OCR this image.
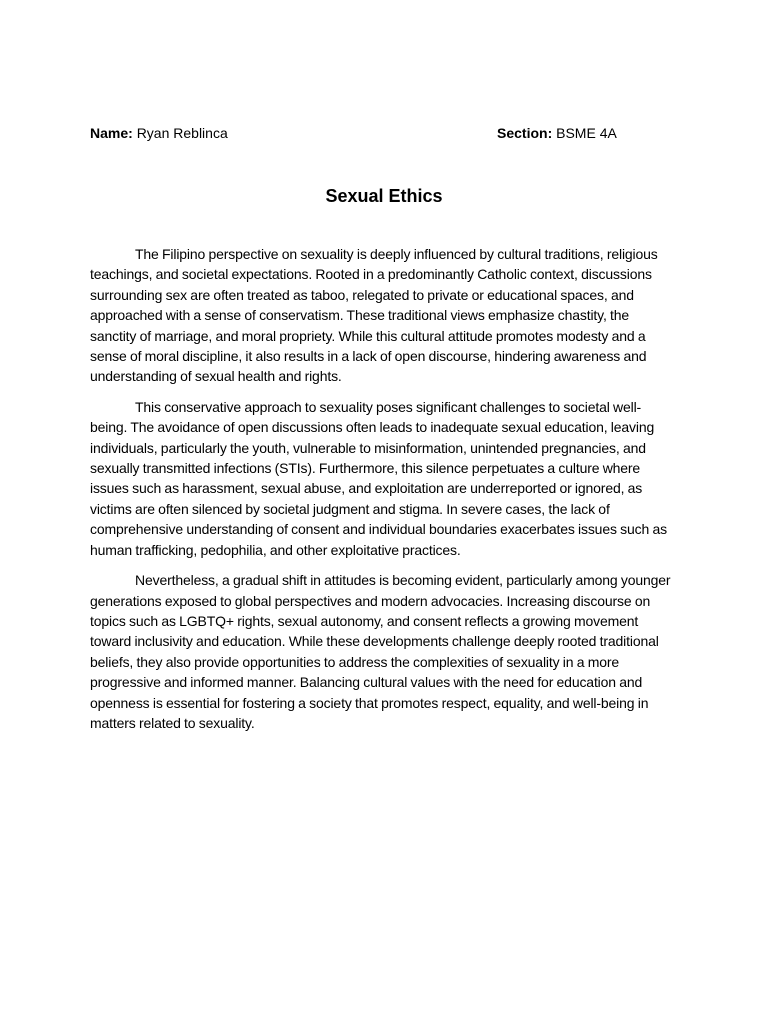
Name: Ryan Reblinca	Section: BSME 4A
Sexual Ethics

The Filipino perspective on sexuality is deeply influenced by cultural traditions, religious teachings, and societal expectations. Rooted in a predominantly Catholic context, discussions surrounding sex are often treated as taboo, relegated to private or educational spaces, and approached with a sense of conservatism. These traditional views emphasize chastity, the sanctity of marriage, and moral propriety. While this cultural attitude promotes modesty and a sense of moral discipline, it also results in a lack of open discourse, hindering awareness and understanding of sexual health and rights.

This conservative approach to sexuality poses significant challenges to societal well-being. The avoidance of open discussions often leads to inadequate sexual education, leaving individuals, particularly the youth, vulnerable to misinformation, unintended pregnancies, and sexually transmitted infections (STIs). Furthermore, this silence perpetuates a culture where issues such as harassment, sexual abuse, and exploitation are underreported or ignored, as victims are often silenced by societal judgment and stigma. In severe cases, the lack of comprehensive understanding of consent and individual boundaries exacerbates issues such as human trafficking, pedophilia, and other exploitative practices.

Nevertheless, a gradual shift in attitudes is becoming evident, particularly among younger generations exposed to global perspectives and modern advocacies. Increasing discourse on topics such as LGBTQ+ rights, sexual autonomy, and consent reflects a growing movement toward inclusivity and education. While these developments challenge deeply rooted traditional beliefs, they also provide opportunities to address the complexities of sexuality in a more progressive and informed manner. Balancing cultural values with the need for education and openness is essential for fostering a society that promotes respect, equality, and well-being in matters related to sexuality.
